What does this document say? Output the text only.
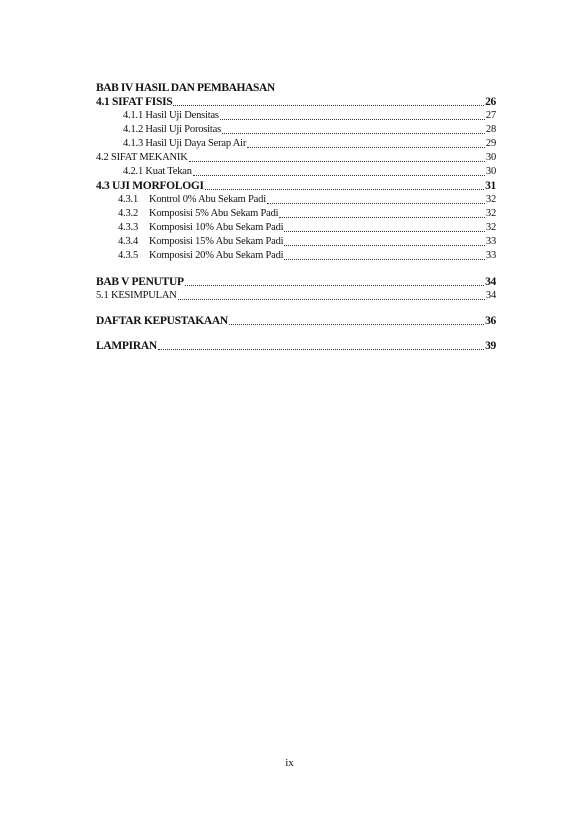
BAB IV HASIL DAN PEMBAHASAN
4.1 SIFAT FISIS	26
4.1.1 Hasil Uji Densitas	27
4.1.2 Hasil Uji Porositas	28
4.1.3 Hasil Uji Daya Serap Air	29
4.2 SIFAT MEKANIK	30
4.2.1 Kuat Tekan	30
4.3 UJI MORFOLOGI	31
4.3.1 Kontrol 0% Abu Sekam Padi	32
4.3.2 Komposisi 5% Abu Sekam Padi	32
4.3.3 Komposisi 10% Abu Sekam Padi	32
4.3.4 Komposisi 15% Abu Sekam Padi	33
4.3.5 Komposisi 20% Abu Sekam Padi	33
BAB V PENUTUP	34
5.1 KESIMPULAN	34
DAFTAR KEPUSTAKAAN	36
LAMPIRAN	39
ix
